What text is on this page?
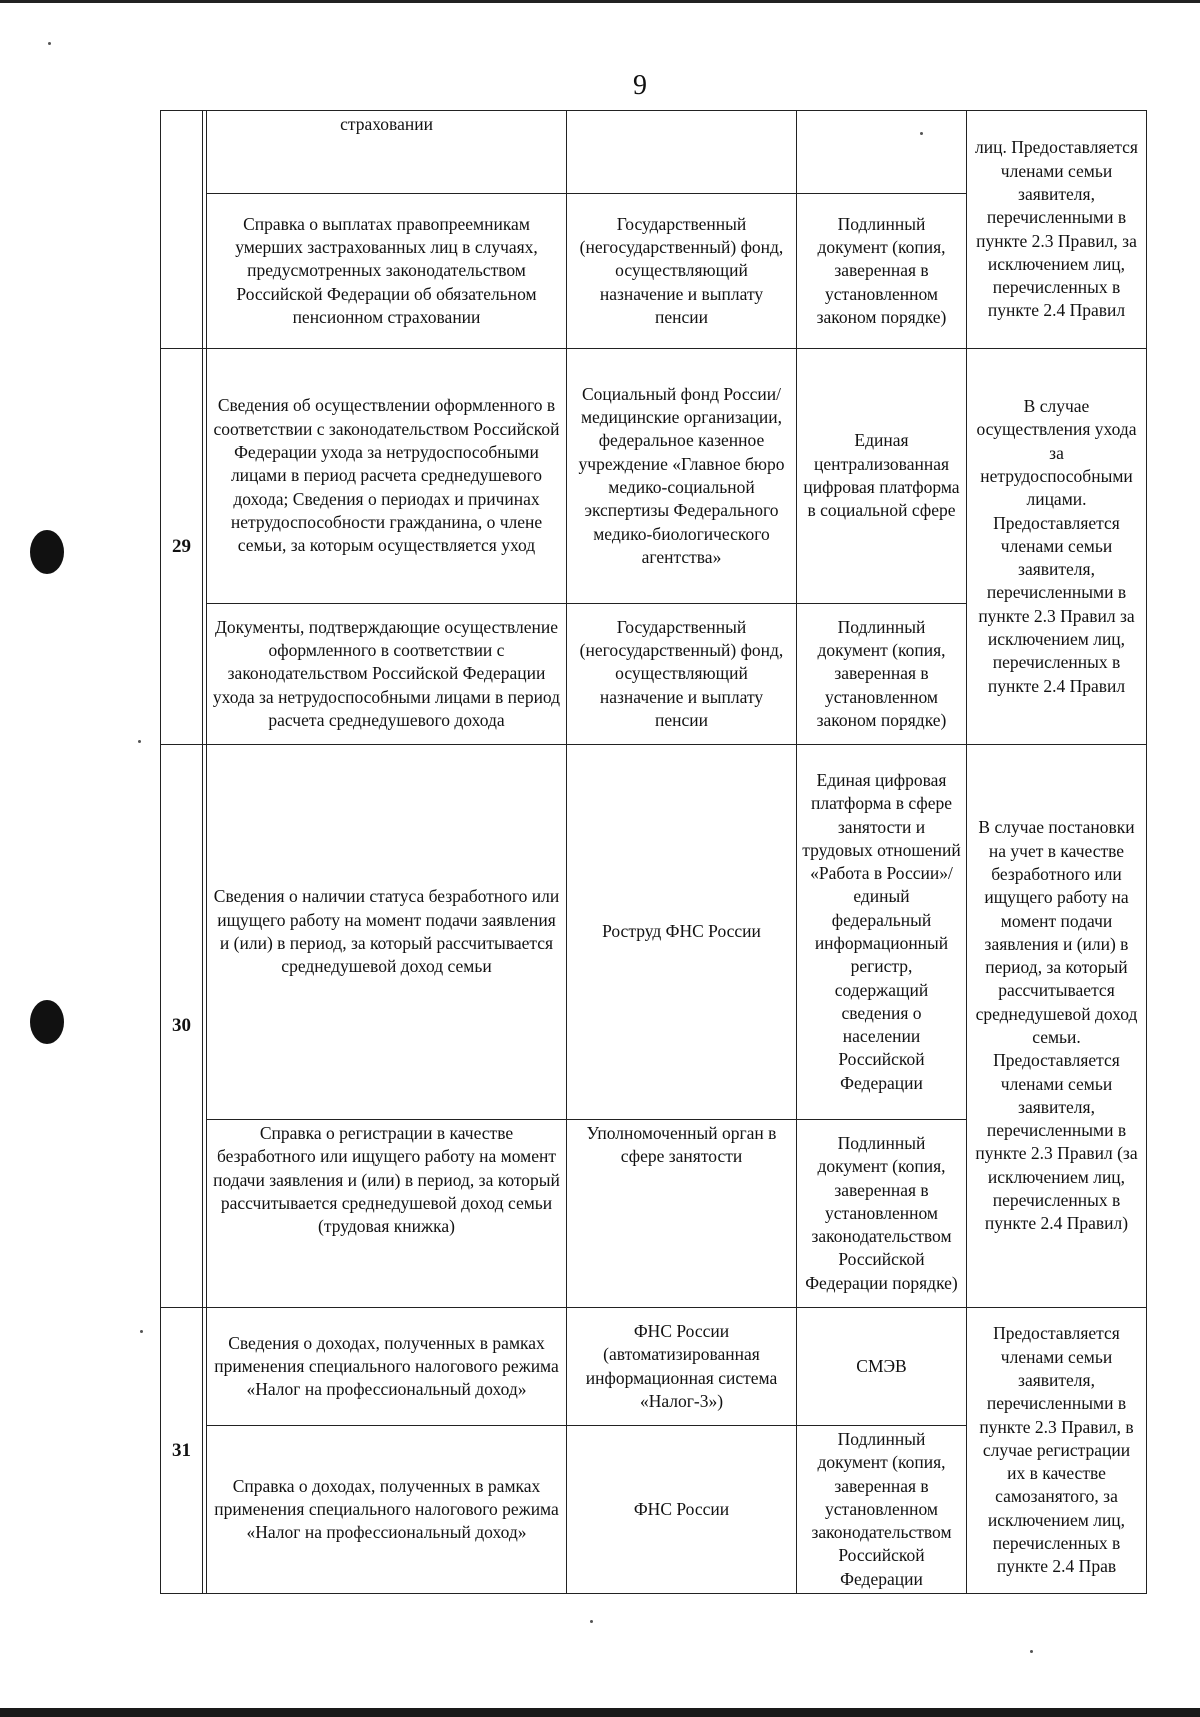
9
		страховании			лиц. Предоставляется членами семьи заявителя, перечисленными в пункте 2.3 Правил, за исключением лиц, перечисленных в пункте 2.4 Правил
		Справка о выплатах правопреемникам умерших застрахованных лиц в случаях, предусмотренных законодательством Российской Федерации об обязательном пенсионном страховании	Государственный (негосударственный) фонд, осуществляющий назначение и выплату пенсии	Подлинный документ (копия, заверенная в установленном законом порядке)	
29		Сведения об осуществлении оформленного в соответствии с законодательством Российской Федерации ухода за нетрудоспособными лицами в период расчета среднедушевого дохода; Сведения о периодах и причинах нетрудоспособности гражданина, о члене семьи, за которым осуществляется уход	Социальный фонд России/медицинские организации, федеральное казенное учреждение «Главное бюро медико-социальной экспертизы Федерального медико-биологического агентства»	Единая централизованная цифровая платформа в социальной сфере	В случае осуществления ухода за нетрудоспособными лицами. Предоставляется членами семьи заявителя, перечисленными в пункте 2.3 Правил за исключением лиц, перечисленных в пункте 2.4 Правил
		Документы, подтверждающие осуществление оформленного в соответствии с законодательством Российской Федерации ухода за нетрудоспособными лицами в период расчета среднедушевого дохода	Государственный (негосударственный) фонд, осуществляющий назначение и выплату пенсии	Подлинный документ (копия, заверенная в установленном законом порядке)	
30		Сведения о наличии статуса безработного или ищущего работу на момент подачи заявления и (или) в период, за который рассчитывается среднедушевой доход семьи	Роструд ФНС России	Единая цифровая платформа в сфере занятости и трудовых отношений «Работа в России»/ единый федеральный информационный регистр, содержащий сведения о населении Российской Федерации	В случае постановки на учет в качестве безработного или ищущего работу на момент подачи заявления и (или) в период, за который рассчитывается среднедушевой доход семьи. Предоставляется членами семьи заявителя, перечисленными в пункте 2.3 Правил (за исключением лиц, перечисленных в пункте 2.4 Правил)
		Справка о регистрации в качестве безработного или ищущего работу на момент подачи заявления и (или) в период, за который рассчитывается среднедушевой доход семьи (трудовая книжка)	Уполномоченный орган в сфере занятости	Подлинный документ (копия, заверенная в установленном законодательством Российской Федерации порядке)	
31		Сведения о доходах, полученных в рамках применения специального налогового режима «Налог на профессиональный доход»	ФНС России (автоматизированная информационная система «Налог-3»)	СМЭВ	Предоставляется членами семьи заявителя, перечисленными в пункте 2.3 Правил, в случае регистрации их в качестве самозанятого, за исключением лиц, перечисленных в пункте 2.4 Прав
		Справка о доходах, полученных в рамках применения специального налогового режима «Налог на профессиональный доход»	ФНС России	Подлинный документ (копия, заверенная в установленном законодательством Российской Федерации	
